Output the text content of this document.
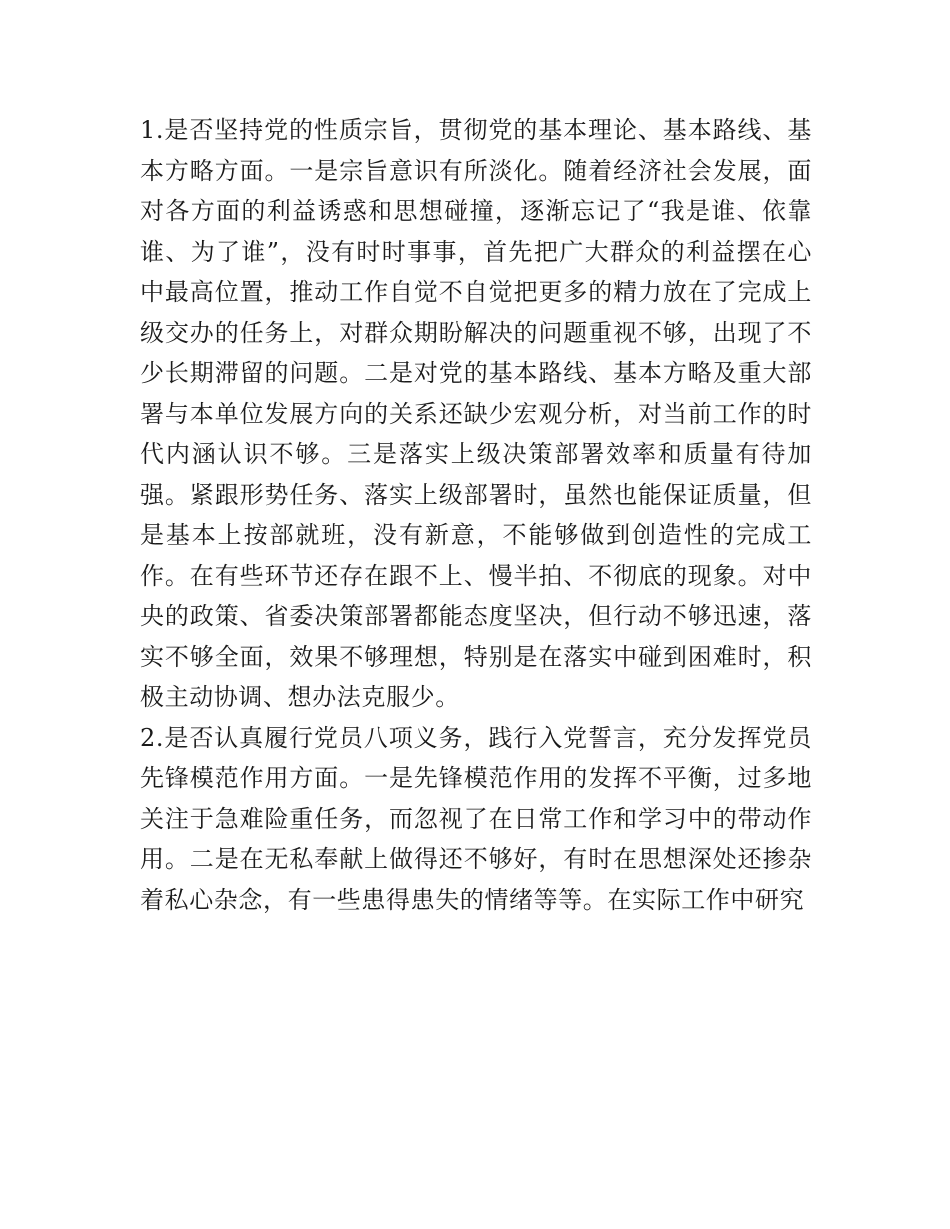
1.是否坚持党的性质宗旨，贯彻党的基本理论、基本路线、基本方略方面。一是宗旨意识有所淡化。随着经济社会发展，面对各方面的利益诱惑和思想碰撞，逐渐忘记了“我是谁、依靠谁、为了谁”，没有时时事事，首先把广大群众的利益摆在心中最高位置，推动工作自觉不自觉把更多的精力放在了完成上级交办的任务上，对群众期盼解决的问题重视不够，出现了不少长期滞留的问题。二是对党的基本路线、基本方略及重大部署与本单位发展方向的关系还缺少宏观分析，对当前工作的时代内涵认识不够。三是落实上级决策部署效率和质量有待加强。紧跟形势任务、落实上级部署时，虽然也能保证质量，但是基本上按部就班，没有新意，不能够做到创造性的完成工作。在有些环节还存在跟不上、慢半拍、不彻底的现象。对中央的政策、省委决策部署都能态度坚决，但行动不够迅速，落实不够全面，效果不够理想，特别是在落实中碰到困难时，积极主动协调、想办法克服少。

2.是否认真履行党员八项义务，践行入党誓言，充分发挥党员先锋模范作用方面。一是先锋模范作用的发挥不平衡，过多地关注于急难险重任务，而忽视了在日常工作和学习中的带动作用。二是在无私奉献上做得还不够好，有时在思想深处还掺杂着私心杂念，有一些患得患失的情绪等等。在实际工作中研究
